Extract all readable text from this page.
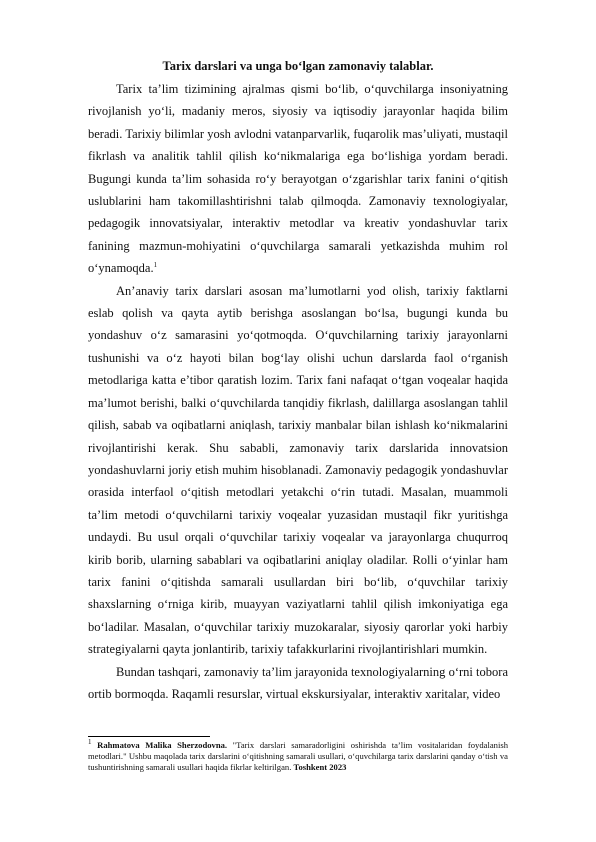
Tarix darslari va unga bo‘lgan zamonaviy talablar.

Tarix ta’lim tizimining ajralmas qismi bo‘lib, o‘quvchilarga insoniyatning rivojlanish yo‘li, madaniy meros, siyosiy va iqtisodiy jarayonlar haqida bilim beradi. Tarixiy bilimlar yosh avlodni vatanparvarlik, fuqarolik mas’uliyati, mustaqil fikrlash va analitik tahlil qilish ko‘nikmalariga ega bo‘lishiga yordam beradi. Bugungi kunda ta’lim sohasida ro‘y berayotgan o‘zgarishlar tarix fanini o‘qitish uslublarini ham takomillashtirishni talab qilmoqda. Zamonaviy texnologiyalar, pedagogik innovatsiyalar, interaktiv metodlar va kreativ yondashuvlar tarix fanining mazmun-mohiyatini o‘quvchilarga samarali yetkazishda muhim rol o‘ynamoqda.$^1$

An’anaviy tarix darslari asosan ma’lumotlarni yod olish, tarixiy faktlarni eslab qolish va qayta aytib berishga asoslangan bo‘lsa, bugungi kunda bu yondashuv o‘z samarasini yo‘qotmoqda. O‘quvchilarning tarixiy jarayonlarni tushunishi va o‘z hayoti bilan bog‘lay olishi uchun darslarda faol o‘rganish metodlariga katta e’tibor qaratish lozim. Tarix fani nafaqat o‘tgan voqealar haqida ma’lumot berishi, balki o‘quvchilarda tanqidiy fikrlash, dalillarga asoslangan tahlil qilish, sabab va oqibatlarni aniqlash, tarixiy manbalar bilan ishlash ko‘nikmalarini rivojlantirishi kerak. Shu sababli, zamonaviy tarix darslarida innovatsion yondashuvlarni joriy etish muhim hisoblanadi. Zamonaviy pedagogik yondashuvlar orasida interfaol o‘qitish metodlari yetakchi o‘rin tutadi. Masalan, muammoli ta’lim metodi o‘quvchilarni tarixiy voqealar yuzasidan mustaqil fikr yuritishga undaydi. Bu usul orqali o‘quvchilar tarixiy voqealar va jarayonlarga chuqurroq kirib borib, ularning sabablari va oqibatlarini aniqlay oladilar. Rolli o‘yinlar ham tarix fanini o‘qitishda samarali usullardan biri bo‘lib, o‘quvchilar tarixiy shaxslarning o‘rniga kirib, muayyan vaziyatlarni tahlil qilish imkoniyatiga ega bo‘ladilar. Masalan, o‘quvchilar tarixiy muzokaralar, siyosiy qarorlar yoki harbiy strategiyalarni qayta jonlantirib, tarixiy tafakkurlarini rivojlantirishlari mumkin.

Bundan tashqari, zamonaviy ta’lim jarayonida texnologiyalarning o‘rni tobora ortib bormoqda. Raqamli resurslar, virtual ekskursiyalar, interaktiv xaritalar, video

$^1$ Rahmatova Malika Sherzodovna. "Tarix darslari samaradorligini oshirishda ta’lim vositalaridan foydalanish metodlari." Ushbu maqolada tarix darslarini o‘qitishning samarali usullari, o‘quvchilarga tarix darslarini qanday o‘tish va tushuntirishning samarali usullari haqida fikrlar keltirilgan. Toshkent 2023
